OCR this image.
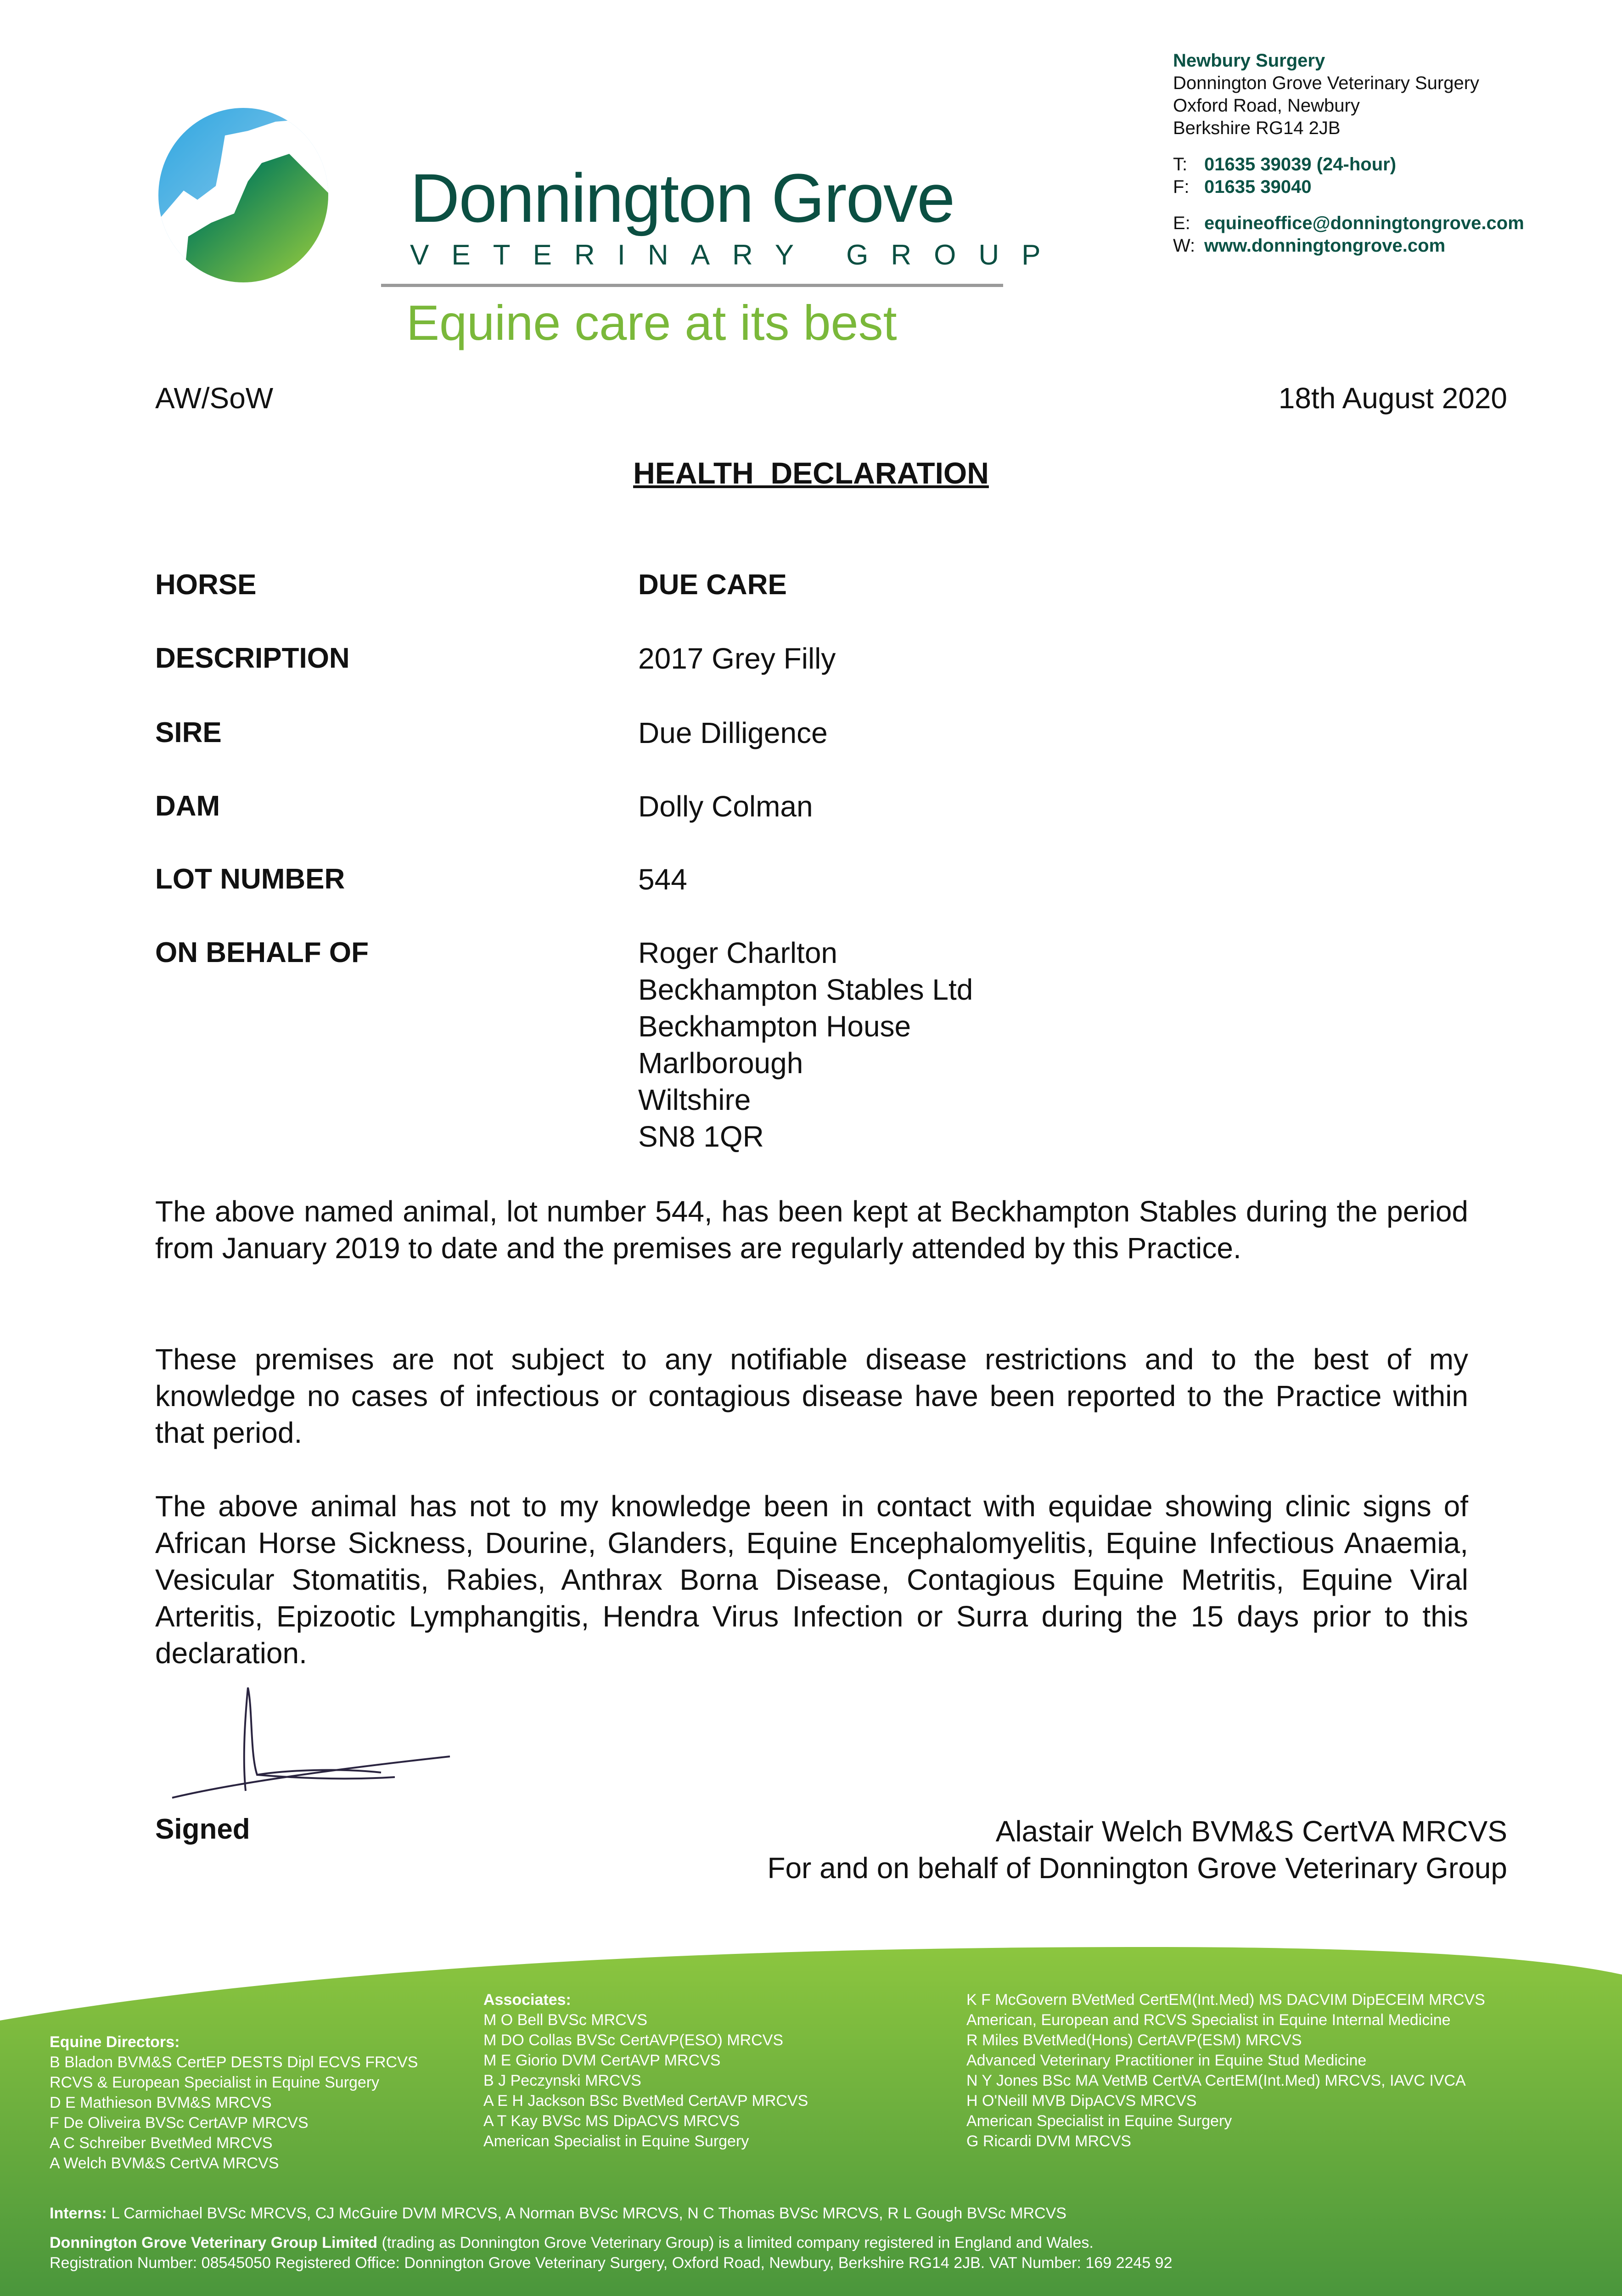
Donnington Grove
VETERINARY GROUP
Equine care at its best
Newbury Surgery
Donnington Grove Veterinary Surgery
Oxford Road, Newbury
Berkshire RG14 2JB
T: 01635 39039 (24-hour)
F: 01635 39040
E: equineoffice@donningtongrove.com
W: www.donningtongrove.com
AW/SoW	18th August 2020
HEALTH  DECLARATION
HORSE	DUE CARE
DESCRIPTION	2017 Grey Filly
SIRE	Due Dilligence
DAM	Dolly Colman
LOT NUMBER	544
ON BEHALF OF	Roger Charlton
Beckhampton Stables Ltd
Beckhampton House
Marlborough
Wiltshire
SN8 1QR
The above named animal, lot number 544, has been kept at Beckhampton Stables during the period from January 2019 to date and the premises are regularly attended by this Practice.
These premises are not subject to any notifiable disease restrictions and to the best of my knowledge no cases of infectious or contagious disease have been reported to the Practice within that period.
The above animal has not to my knowledge been in contact with equidae showing clinic signs of African Horse Sickness, Dourine, Glanders, Equine Encephalomyelitis, Equine Infectious Anaemia, Vesicular Stomatitis, Rabies, Anthrax Borna Disease, Contagious Equine Metritis, Equine Viral Arteritis, Epizootic Lymphangitis, Hendra Virus Infection or Surra during the 15 days prior to this declaration.
Signed	Alastair Welch BVM&S CertVA MRCVS
For and on behalf of Donnington Grove Veterinary Group
Equine Directors:
B Bladon BVM&S CertEP DESTS Dipl ECVS FRCVS
RCVS & European Specialist in Equine Surgery
D E Mathieson BVM&S MRCVS
F De Oliveira BVSc CertAVP MRCVS
A C Schreiber BvetMed MRCVS
A Welch BVM&S CertVA MRCVS
Associates:
M O Bell BVSc MRCVS
M DO Collas BVSc CertAVP(ESO) MRCVS
M E Giorio DVM CertAVP MRCVS
B J Peczynski MRCVS
A E H Jackson BSc BvetMed CertAVP MRCVS
A T Kay BVSc MS DipACVS MRCVS
American Specialist in Equine Surgery
K F McGovern BVetMed CertEM(Int.Med) MS DACVIM DipECEIM MRCVS
American, European and RCVS Specialist in Equine Internal Medicine
R Miles BVetMed(Hons) CertAVP(ESM) MRCVS
Advanced Veterinary Practitioner in Equine Stud Medicine
N Y Jones BSc MA VetMB CertVA CertEM(Int.Med) MRCVS, IAVC IVCA
H O'Neill MVB DipACVS MRCVS
American Specialist in Equine Surgery
G Ricardi DVM MRCVS
Interns: L Carmichael BVSc MRCVS, CJ McGuire DVM MRCVS, A Norman BVSc MRCVS, N C Thomas BVSc MRCVS, R L Gough BVSc MRCVS
Donnington Grove Veterinary Group Limited (trading as Donnington Grove Veterinary Group) is a limited company registered in England and Wales.
Registration Number: 08545050 Registered Office: Donnington Grove Veterinary Surgery, Oxford Road, Newbury, Berkshire RG14 2JB. VAT Number: 169 2245 92
